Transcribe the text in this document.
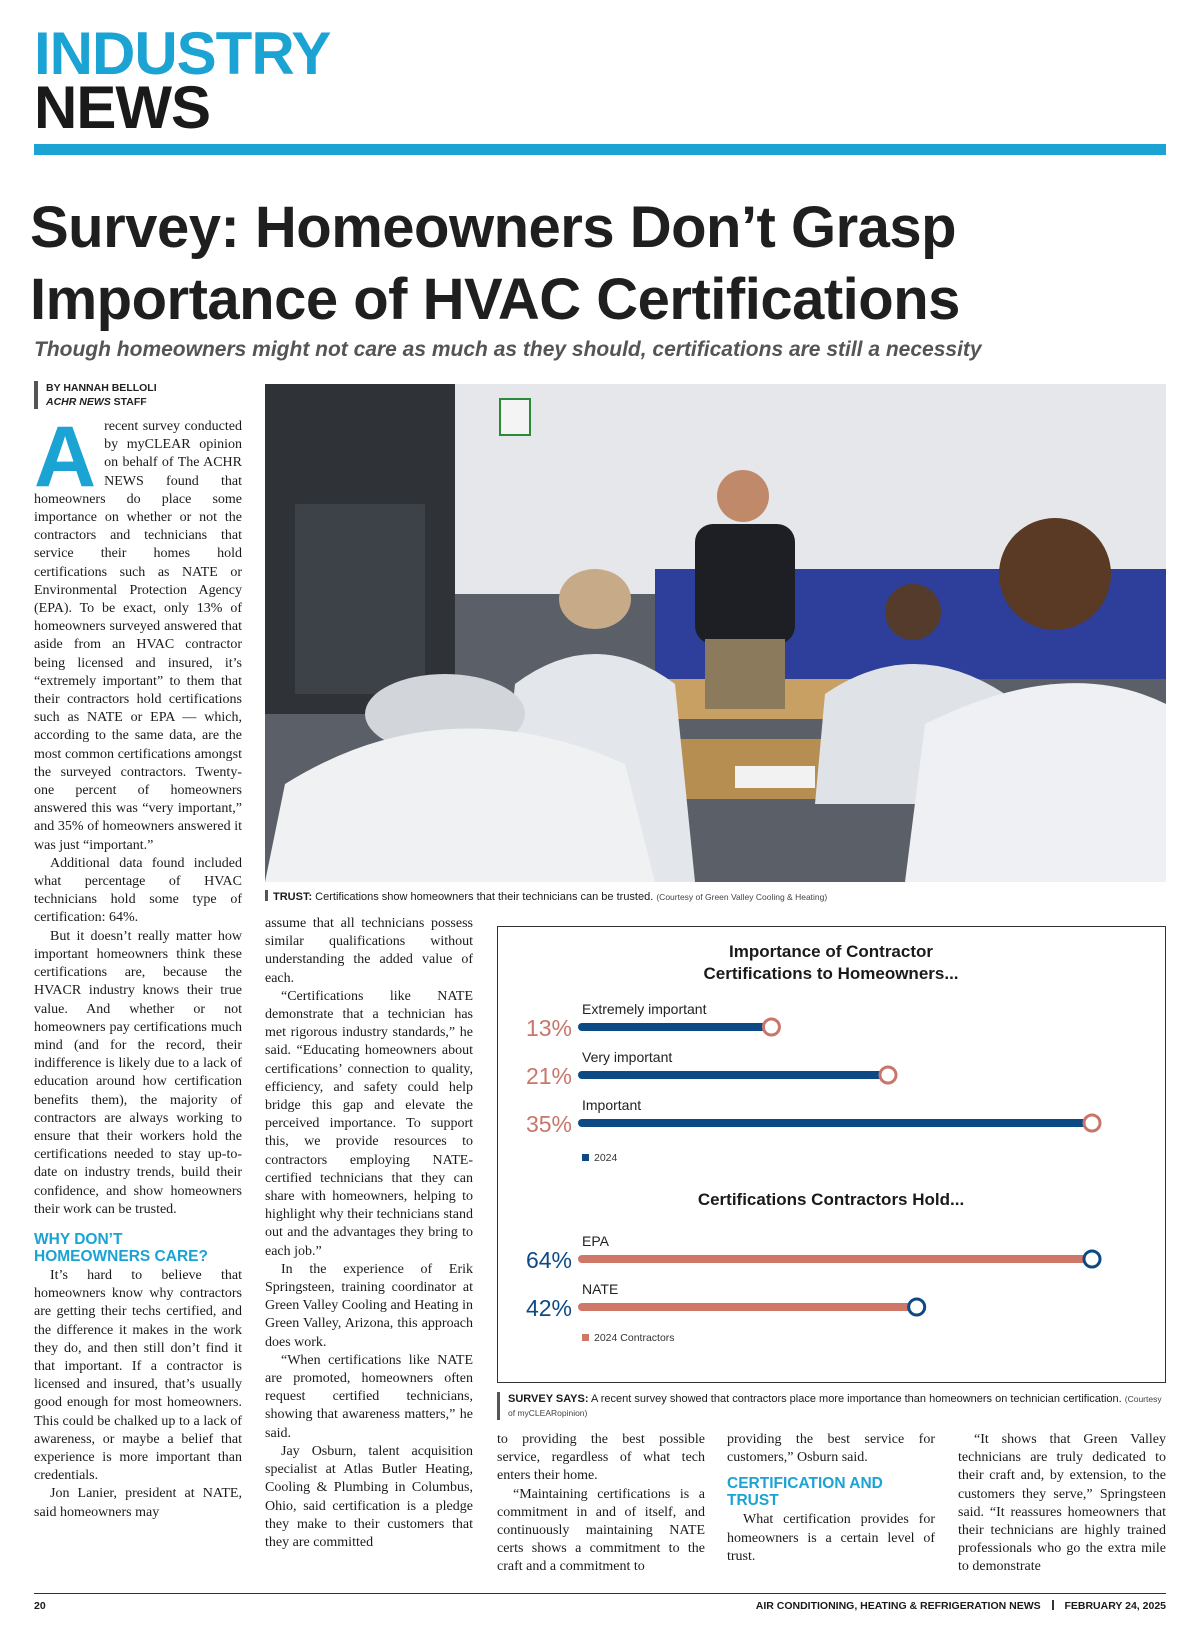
INDUSTRY
NEWS
Survey: Homeowners Don’t Grasp Importance of HVAC Certifications
Though homeowners might not care as much as they should, certifications are still a necessity
BY HANNAH BELLOLI
ACHR NEWS STAFF
A recent survey conducted by myCLEAR opinion on behalf of The ACHR NEWS found that homeowners do place some importance on whether or not the contractors and technicians that service their homes hold certifications such as NATE or Environmental Protection Agency (EPA). To be exact, only 13% of homeowners surveyed answered that aside from an HVAC contractor being licensed and insured, it’s “extremely important” to them that their contractors hold certifications such as NATE or EPA — which, according to the same data, are the most common certifications amongst the surveyed contractors. Twenty-one percent of homeowners answered this was “very important,” and 35% of homeowners answered it was just “important.”

Additional data found included what percentage of HVAC technicians hold some type of certification: 64%.

But it doesn’t really matter how important homeowners think these certifications are, because the HVACR industry knows their true value. And whether or not homeowners pay certifications much mind (and for the record, their indifference is likely due to a lack of education around how certification benefits them), the majority of contractors are always working to ensure that their workers hold the certifications needed to stay up-to-date on industry trends, build their confidence, and show homeowners their work can be trusted.

WHY DON’T HOMEOWNERS CARE?

It’s hard to believe that homeowners know why contractors are getting their techs certified, and the difference it makes in the work they do, and then still don’t find it that important. If a contractor is licensed and insured, that’s usually good enough for most homeowners. This could be chalked up to a lack of awareness, or maybe a belief that experience is more important than credentials.

Jon Lanier, president at NATE, said homeowners may

TRUST: Certifications show homeowners that their technicians can be trusted. (Courtesy of Green Valley Cooling & Heating)

assume that all technicians possess similar qualifications without understanding the added value of each.

“Certifications like NATE demonstrate that a technician has met rigorous industry standards,” he said. “Educating homeowners about certifications’ connection to quality, efficiency, and safety could help bridge this gap and elevate the perceived importance. To support this, we provide resources to contractors employing NATE-certified technicians that they can share with homeowners, helping to highlight why their technicians stand out and the advantages they bring to each job.”

In the experience of Erik Springsteen, training coordinator at Green Valley Cooling and Heating in Green Valley, Arizona, this approach does work.

“When certifications like NATE are promoted, homeowners often request certified technicians, showing that awareness matters,” he said.

Jay Osburn, talent acquisition specialist at Atlas Butler Heating, Cooling & Plumbing in Columbus, Ohio, said certification is a pledge they make to their customers that they are committed

Importance of Contractor
Certifications to Homeowners...
Extremely important
13%
Very important
21%
Important
35%
2024
Certifications Contractors Hold...
EPA
64%
NATE
42%
2024 Contractors
SURVEY SAYS: A recent survey showed that contractors place more importance than homeowners on technician certification. (Courtesy of myCLEARopinion)

to providing the best possible service, regardless of what tech enters their home.

“Maintaining certifications is a commitment in and of itself, and continuously maintaining NATE certs shows a commitment to the craft and a commitment to

providing the best service for customers,” Osburn said.

CERTIFICATION AND TRUST

What certification provides for homeowners is a certain level of trust.

“It shows that Green Valley technicians are truly dedicated to their craft and, by extension, to the customers they serve,” Springsteen said. “It reassures homeowners that their technicians are highly trained professionals who go the extra mile to demonstrate

20	AIR CONDITIONING, HEATING & REFRIGERATION NEWS FEBRUARY 24, 2025
